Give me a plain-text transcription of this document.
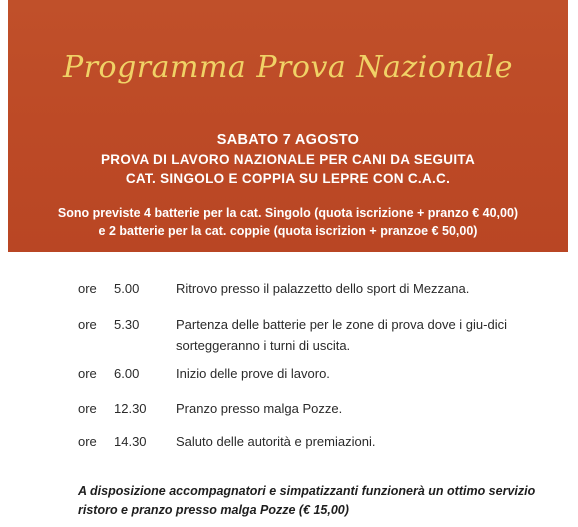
Programma Prova Nazionale
SABATO 7 AGOSTO
PROVA DI LAVORO NAZIONALE PER CANI DA SEGUITA
CAT. SINGOLO E COPPIA SU LEPRE CON C.A.C.
Sono previste 4 batterie per la cat. Singolo (quota iscrizione + pranzo € 40,00)
e 2 batterie per la cat. coppie (quota iscrizion + pranzoe € 50,00)
ore 5.00	Ritrovo presso il palazzetto dello sport di Mezzana.
ore 5.30	Partenza delle batterie per le zone di prova dove i giu-dici sorteggeranno i turni di uscita.
ore 6.00	Inizio delle prove di lavoro.
ore 12.30 Pranzo presso malga Pozze.
ore 14.30 Saluto delle autorità e premiazioni.
A disposizione accompagnatori e simpatizzanti funzionerà un ottimo servizio ristoro e pranzo presso malga Pozze (€ 15,00)
